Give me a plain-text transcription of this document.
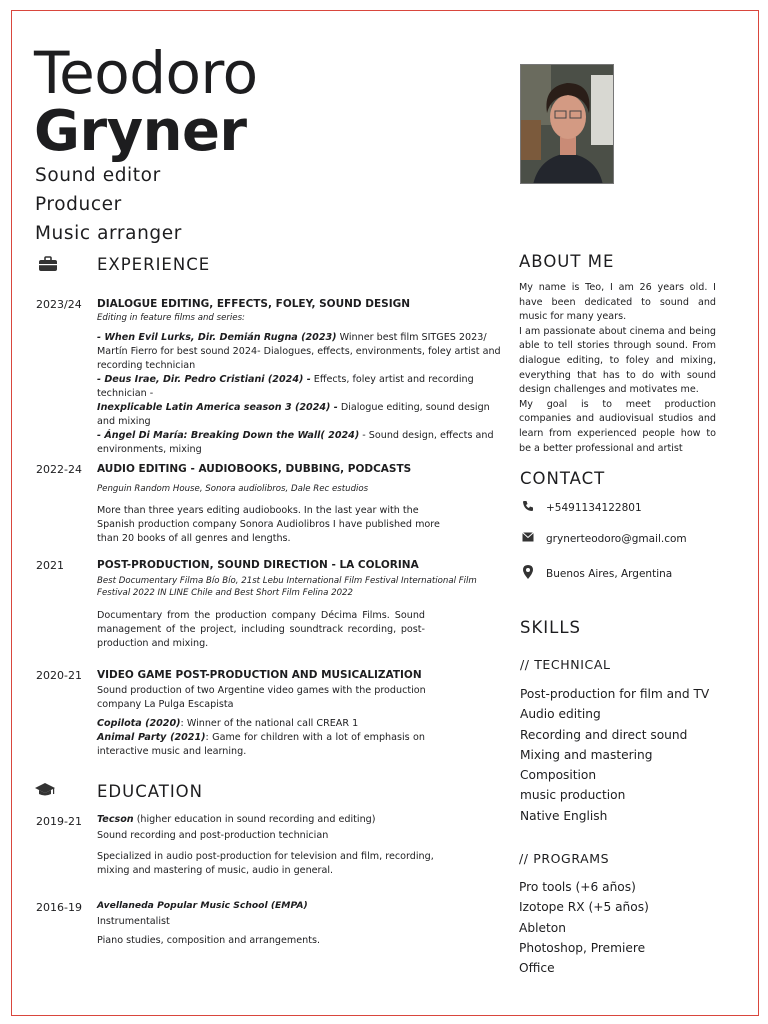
Teodoro
Gryner
Sound editor
Producer
Music arranger
EXPERIENCE
2023/24 DIALOGUE EDITING, EFFECTS, FOLEY, SOUND DESIGN
Editing in feature films and series:

- When Evil Lurks, Dir. Demián Rugna (2023) Winner best film SITGES 2023/ Martín Fierro for best sound 2024- Dialogues, effects, environments, foley artist and recording technician

- Deus Irae, Dir. Pedro Cristiani (2024) - Effects, foley artist and recording technician -

Inexplicable Latin America season 3 (2024) - Dialogue editing, sound design and mixing

- Ángel Di María: Breaking Down the Wall( 2024) - Sound design, effects and environments, mixing

2022-24 AUDIO EDITING - AUDIOBOOKS, DUBBING, PODCASTS
Penguin Random House, Sonora audiolibros, Dale Rec estudios
More than three years editing audiobooks. In the last year with the Spanish production company Sonora Audiolibros I have published more than 20 books of all genres and lengths.
2021	POST-PRODUCTION, SOUND DIRECTION - LA COLORINA
Best Documentary Filma Bío Bío, 21st Lebu International Film Festival International Film Festival 2022 IN LINE Chile and Best Short Film Felina 2022
Documentary from the production company Décima Films. Sound management of the project, including soundtrack recording, post-production and mixing.
2020-21 VIDEO GAME POST-PRODUCTION AND MUSICALIZATION
Sound production of two Argentine video games with the production company La Pulga Escapista
Copilota (2020): Winner of the national call CREAR 1
Animal Party (2021): Game for children with a lot of emphasis on interactive music and learning.
EDUCATION
2019-21 Tecson (higher education in sound recording and editing)
Sound recording and post-production technician
Specialized in audio post-production for television and film, recording, mixing and mastering of music, audio in general.
2016-19 Avellaneda Popular Music School (EMPA)
Instrumentalist
Piano studies, composition and arrangements.
ABOUT ME
My name is Teo, I am 26 years old. I have been dedicated to sound and music for many years.
I am passionate about cinema and being able to tell stories through sound. From dialogue editing, to foley and mixing, everything that has to do with sound design challenges and motivates me.
My goal is to meet production companies and audiovisual studios and learn from experienced people how to be a better professional and artist
CONTACT
+5491134122801
grynerteodoro@gmail.com
Buenos Aires, Argentina
SKILLS
// TECHNICAL
Post-production for film and TV
Audio editing
Recording and direct sound
Mixing and mastering
Composition
music production
Native English
// PROGRAMS
Pro tools (+6 años)
Izotope RX (+5 años)
Ableton
Photoshop, Premiere
Office
